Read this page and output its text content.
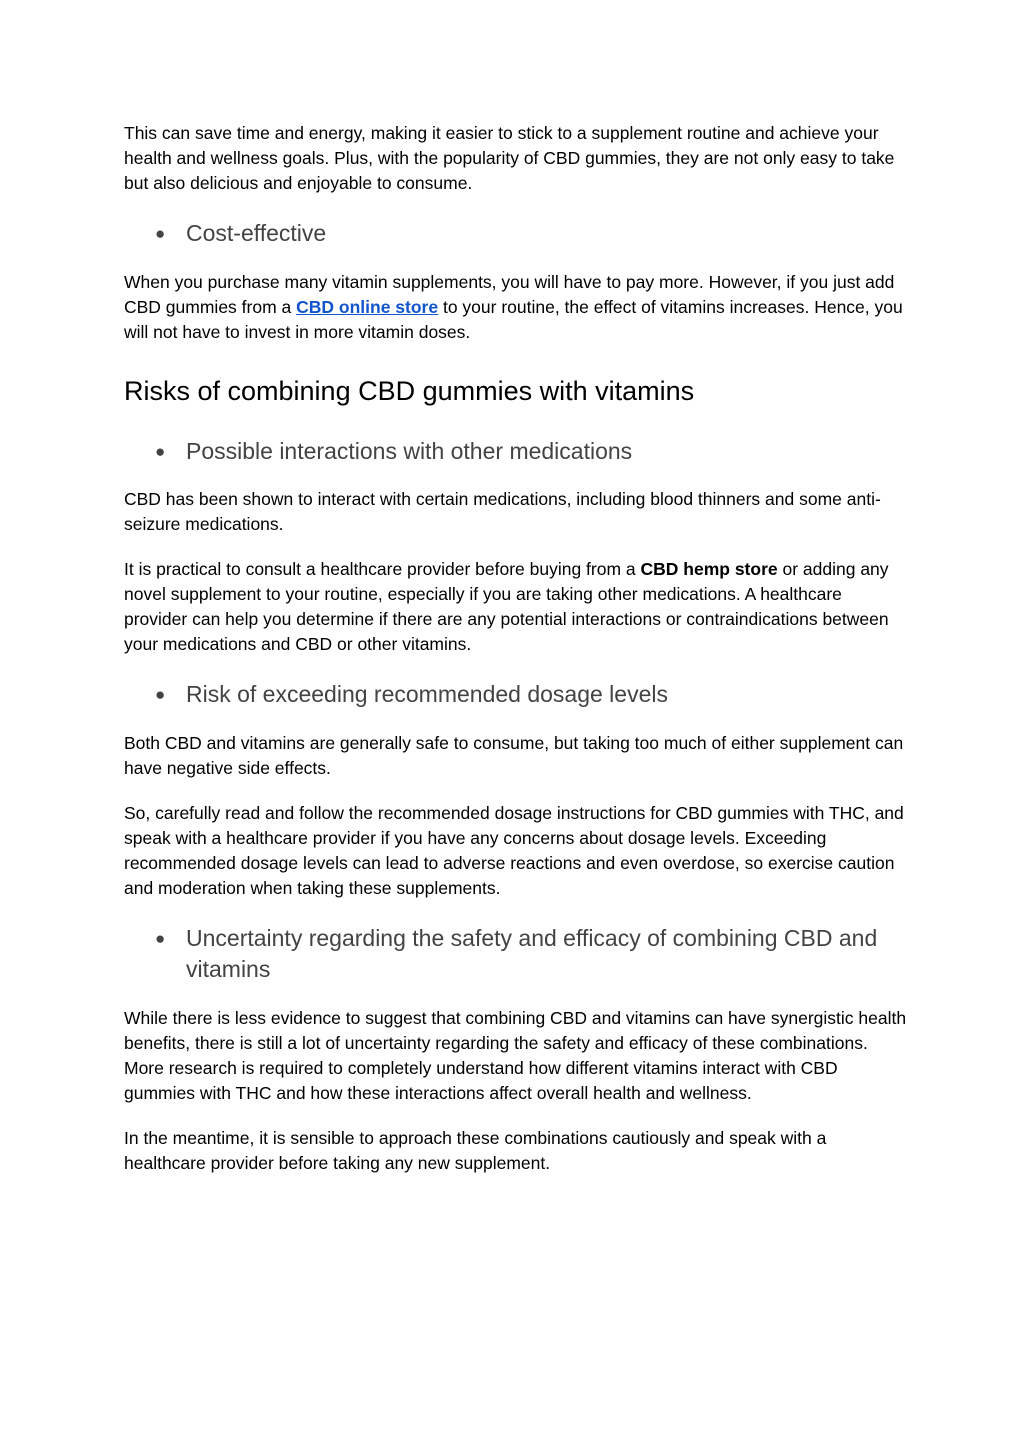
This can save time and energy, making it easier to stick to a supplement routine and achieve your health and wellness goals. Plus, with the popularity of CBD gummies, they are not only easy to take but also delicious and enjoyable to consume.

● Cost-effective

When you purchase many vitamin supplements, you will have to pay more. However, if you just add CBD gummies from a CBD online store to your routine, the effect of vitamins increases. Hence, you will not have to invest in more vitamin doses.

Risks of combining CBD gummies with vitamins
● Possible interactions with other medications

CBD has been shown to interact with certain medications, including blood thinners and some anti-seizure medications.

It is practical to consult a healthcare provider before buying from a CBD hemp store or adding any novel supplement to your routine, especially if you are taking other medications. A healthcare provider can help you determine if there are any potential interactions or contraindications between your medications and CBD or other vitamins.

● Risk of exceeding recommended dosage levels

Both CBD and vitamins are generally safe to consume, but taking too much of either supplement can have negative side effects.

So, carefully read and follow the recommended dosage instructions for CBD gummies with THC, and speak with a healthcare provider if you have any concerns about dosage levels. Exceeding recommended dosage levels can lead to adverse reactions and even overdose, so exercise caution and moderation when taking these supplements.

● Uncertainty regarding the safety and efficacy of combining CBD and vitamins

While there is less evidence to suggest that combining CBD and vitamins can have synergistic health benefits, there is still a lot of uncertainty regarding the safety and efficacy of these combinations. More research is required to completely understand how different vitamins interact with CBD gummies with THC and how these interactions affect overall health and wellness.

In the meantime, it is sensible to approach these combinations cautiously and speak with a healthcare provider before taking any new supplement.
